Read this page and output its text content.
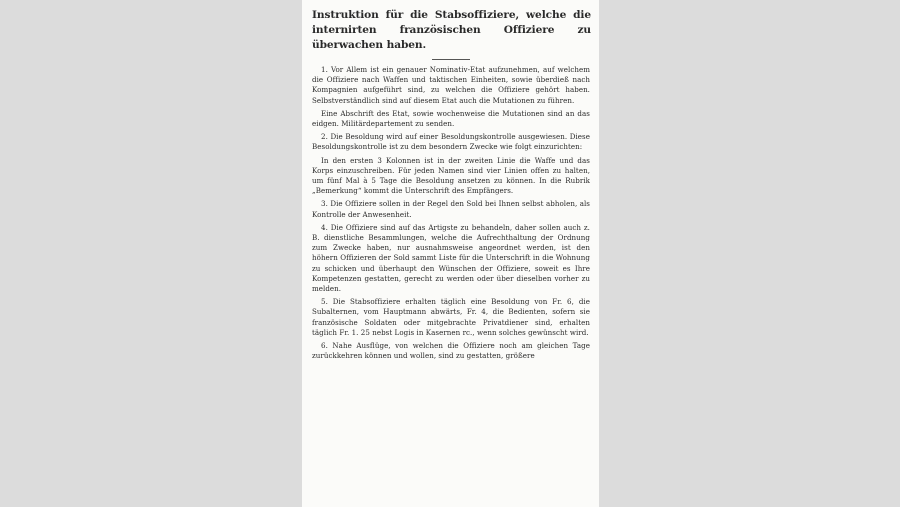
Instruktion für die Stabsoffiziere, welche die internirten französischen Offiziere zu überwachen haben.

1. Vor Allem ist ein genauer Nominativ-Etat aufzunehmen, auf welchem die Offiziere nach Waffen und taktischen Einheiten, sowie überdieß nach Kompagnien aufgeführt sind, zu welchen die Offiziere gehört haben. Selbstverständlich sind auf diesem Etat auch die Mutationen zu führen.

Eine Abschrift des Etat, sowie wochenweise die Mutationen sind an das eidgen. Militärdepartement zu senden.

2. Die Besoldung wird auf einer Besoldungskontrolle ausgewiesen. Diese Besoldungskontrolle ist zu dem besondern Zwecke wie folgt einzurichten:

In den ersten 3 Kolonnen ist in der zweiten Linie die Waffe und das Korps einzuschreiben. Für jeden Namen sind vier Linien offen zu halten, um fünf Mal à 5 Tage die Besoldung ansetzen zu können. In die Rubrik „Bemerkung“ kommt die Unterschrift des Empfängers.

3. Die Offiziere sollen in der Regel den Sold bei Ihnen selbst abholen, als Kontrolle der Anwesenheit.

4. Die Offiziere sind auf das Artigste zu behandeln, daher sollen auch z. B. dienstliche Besammlungen, welche die Aufrechthaltung der Ordnung zum Zwecke haben, nur ausnahmsweise angeordnet werden, ist den höhern Offizieren der Sold sammt Liste für die Unterschrift in die Wohnung zu schicken und überhaupt den Wünschen der Offiziere, soweit es Ihre Kompetenzen gestatten, gerecht zu werden oder über dieselben vorher zu melden.

5. Die Stabsoffiziere erhalten täglich eine Besoldung von Fr. 6, die Subalternen, vom Hauptmann abwärts, Fr. 4, die Bedienten, sofern sie französische Soldaten oder mitgebrachte Privatdiener sind, erhalten täglich Fr. 1. 25 nebst Logis in Kasernen rc., wenn solches gewünscht wird.

6. Nahe Ausflüge, von welchen die Offiziere noch am gleichen Tage zurückkehren können und wollen, sind zu gestatten, größere
